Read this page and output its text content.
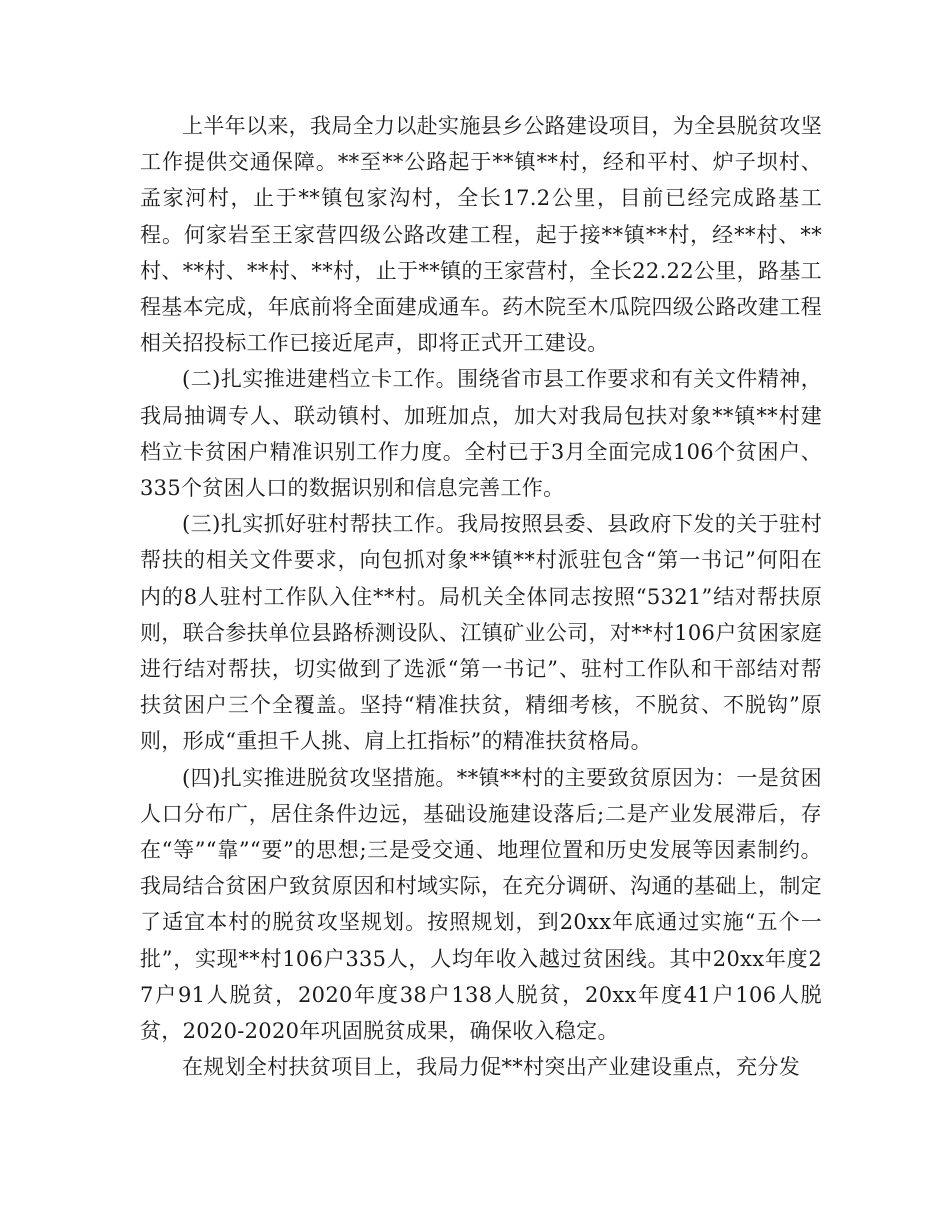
上半年以来，我局全力以赴实施县乡公路建设项目，为全县脱贫攻坚工作提供交通保障。**至**公路起于**镇**村，经和平村、炉子坝村、孟家河村，止于**镇包家沟村，全长17.2公里，目前已经完成路基工程。何家岩至王家营四级公路改建工程，起于接**镇**村，经**村、**村、**村、**村、**村，止于**镇的王家营村，全长22.22公里，路基工程基本完成，年底前将全面建成通车。药木院至木瓜院四级公路改建工程相关招投标工作已接近尾声，即将正式开工建设。

(二)扎实推进建档立卡工作。围绕省市县工作要求和有关文件精神，我局抽调专人、联动镇村、加班加点，加大对我局包扶对象**镇**村建档立卡贫困户精准识别工作力度。全村已于3月全面完成106个贫困户、335个贫困人口的数据识别和信息完善工作。

(三)扎实抓好驻村帮扶工作。我局按照县委、县政府下发的关于驻村帮扶的相关文件要求，向包抓对象**镇**村派驻包含“第一书记”何阳在内的8人驻村工作队入住**村。局机关全体同志按照“5321”结对帮扶原则，联合参扶单位县路桥测设队、江镇矿业公司，对**村106户贫困家庭进行结对帮扶，切实做到了选派“第一书记”、驻村工作队和干部结对帮扶贫困户三个全覆盖。坚持“精准扶贫，精细考核，不脱贫、不脱钩”原则，形成“重担千人挑、肩上扛指标”的精准扶贫格局。

(四)扎实推进脱贫攻坚措施。**镇**村的主要致贫原因为：一是贫困人口分布广，居住条件边远，基础设施建设落后;二是产业发展滞后，存在“等”“靠”“要”的思想;三是受交通、地理位置和历史发展等因素制约。我局结合贫困户致贫原因和村域实际，在充分调研、沟通的基础上，制定了适宜本村的脱贫攻坚规划。按照规划，到20xx年底通过实施“五个一批”，实现**村106户335人，人均年收入越过贫困线。其中20xx年度27户91人脱贫，2020年度38户138人脱贫，20xx年度41户106人脱贫，2020-2020年巩固脱贫成果，确保收入稳定。

在规划全村扶贫项目上，我局力促**村突出产业建设重点，充分发
